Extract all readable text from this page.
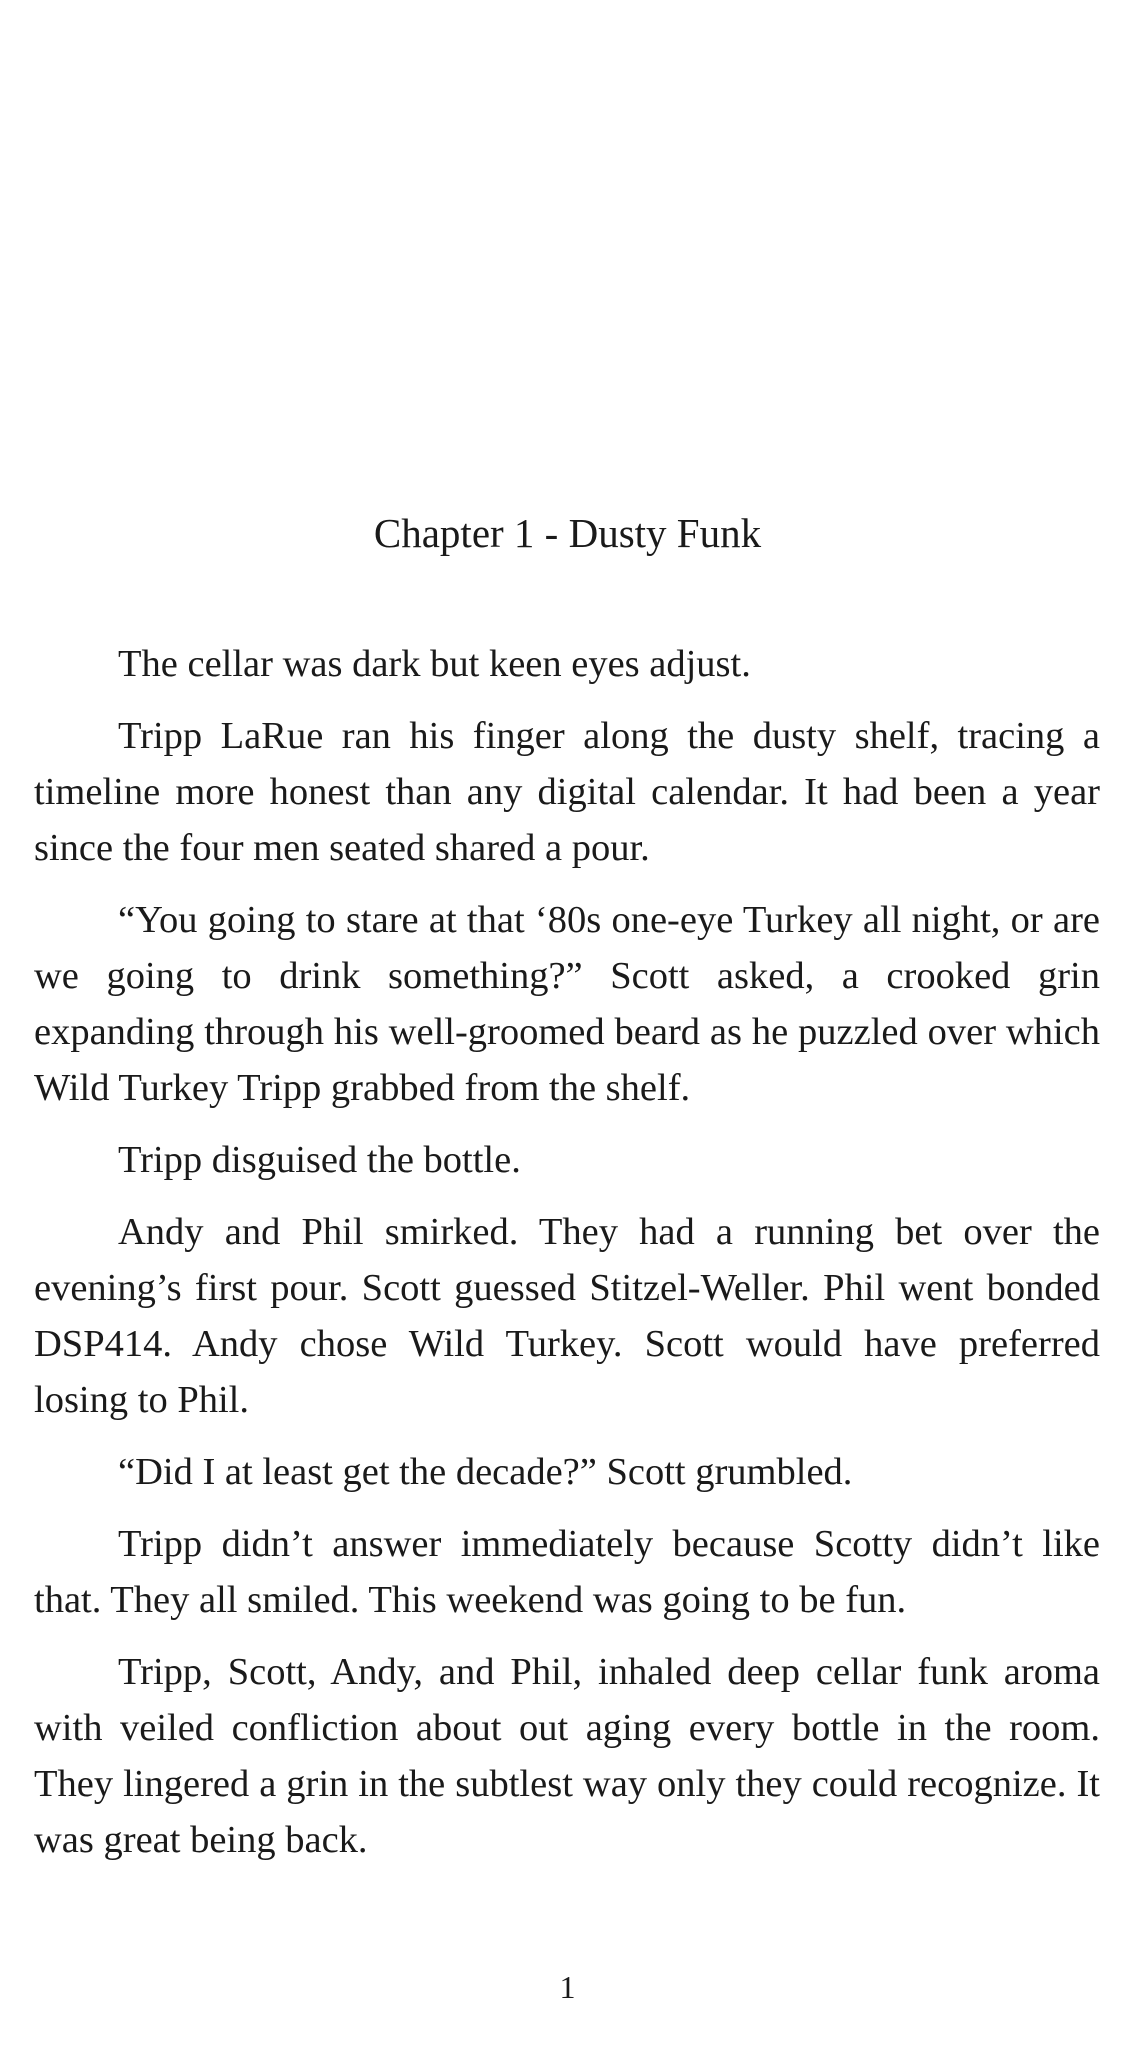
Chapter 1 - Dusty Funk

The cellar was dark but keen eyes adjust.

Tripp LaRue ran his finger along the dusty shelf, tracing a timeline more honest than any digital calendar. It had been a year since the four men seated shared a pour.

“You going to stare at that ‘80s one-eye Turkey all night, or are we going to drink something?” Scott asked, a crooked grin expanding through his well-groomed beard as he puzzled over which Wild Turkey Tripp grabbed from the shelf.

Tripp disguised the bottle.

Andy and Phil smirked. They had a running bet over the evening’s first pour. Scott guessed Stitzel-Weller. Phil went bonded DSP414. Andy chose Wild Turkey. Scott would have preferred losing to Phil.

“Did I at least get the decade?” Scott grumbled.

Tripp didn’t answer immediately because Scotty didn’t like that. They all smiled. This weekend was going to be fun.

Tripp, Scott, Andy, and Phil, inhaled deep cellar funk aroma with veiled confliction about out aging every bottle in the room. They lingered a grin in the subtlest way only they could recognize. It was great being back.

1
